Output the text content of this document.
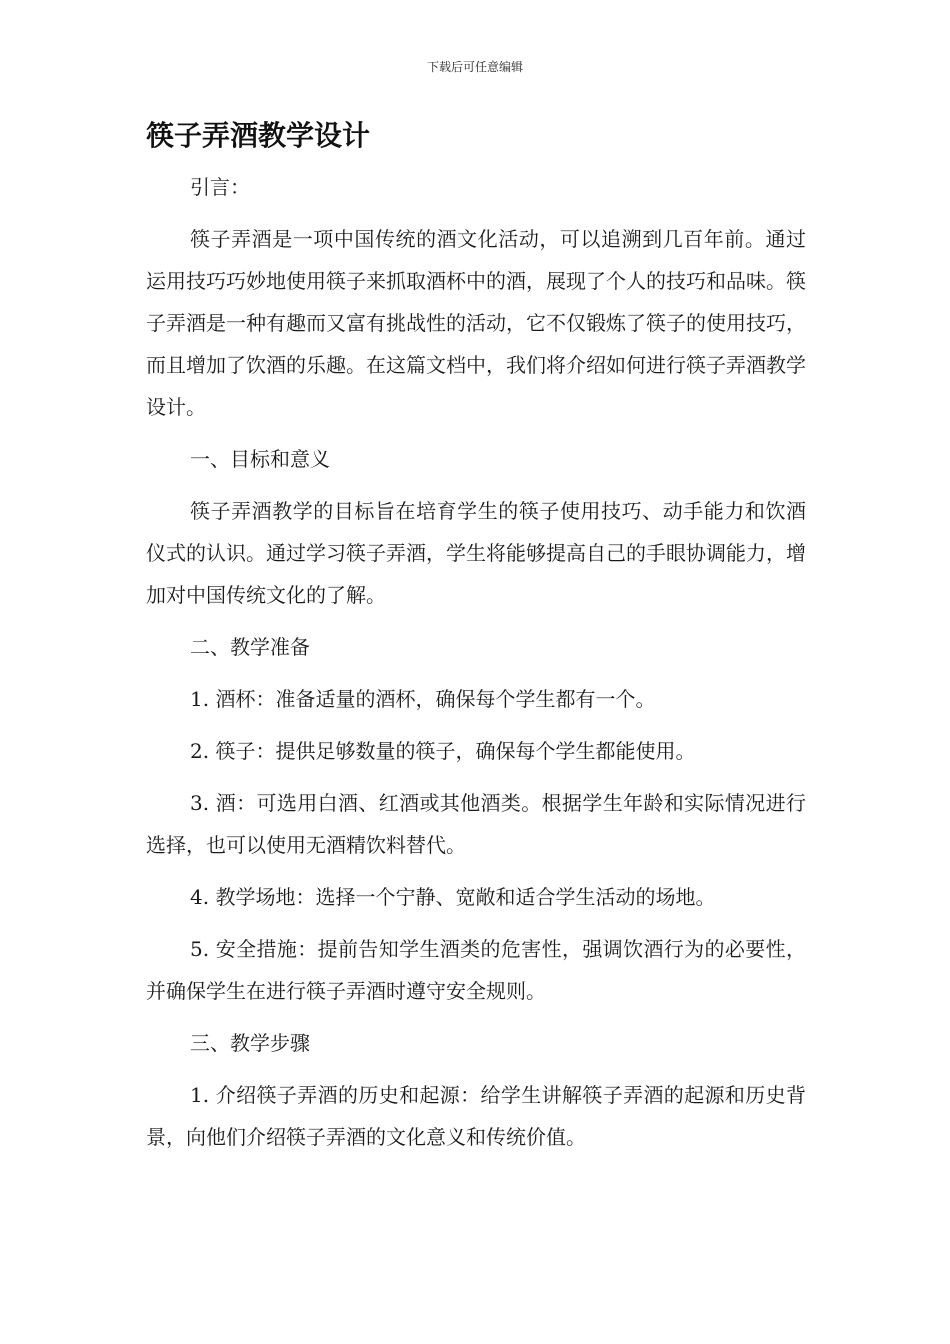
下载后可任意编辑
筷子弄酒教学设计

引言：

筷子弄酒是一项中国传统的酒文化活动，可以追溯到几百年前。通过运用技巧巧妙地使用筷子来抓取酒杯中的酒，展现了个人的技巧和品味。筷子弄酒是一种有趣而又富有挑战性的活动，它不仅锻炼了筷子的使用技巧，而且增加了饮酒的乐趣。在这篇文档中，我们将介绍如何进行筷子弄酒教学设计。

一、目标和意义

筷子弄酒教学的目标旨在培育学生的筷子使用技巧、动手能力和饮酒仪式的认识。通过学习筷子弄酒，学生将能够提高自己的手眼协调能力，增加对中国传统文化的了解。

二、教学准备

1. 酒杯：准备适量的酒杯，确保每个学生都有一个。

2. 筷子：提供足够数量的筷子，确保每个学生都能使用。

3. 酒：可选用白酒、红酒或其他酒类。根据学生年龄和实际情况进行选择，也可以使用无酒精饮料替代。

4. 教学场地：选择一个宁静、宽敞和适合学生活动的场地。

5. 安全措施：提前告知学生酒类的危害性，强调饮酒行为的必要性，并确保学生在进行筷子弄酒时遵守安全规则。

三、教学步骤

1. 介绍筷子弄酒的历史和起源：给学生讲解筷子弄酒的起源和历史背景，向他们介绍筷子弄酒的文化意义和传统价值。
